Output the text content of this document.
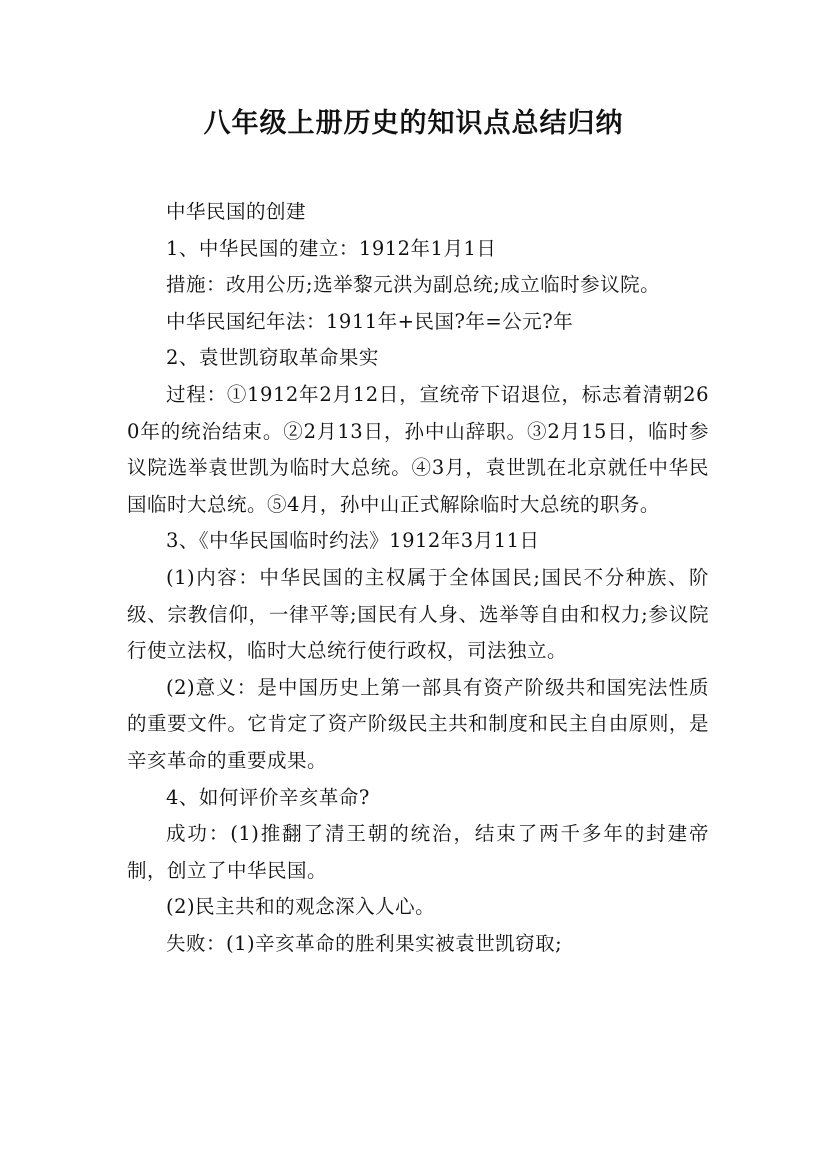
八年级上册历史的知识点总结归纳

中华民国的创建

1、中华民国的建立：1912年1月1日

措施：改用公历;选举黎元洪为副总统;成立临时参议院。

中华民国纪年法：1911年+民国?年=公元?年

2、袁世凯窃取革命果实

过程：①1912年2月12日，宣统帝下诏退位，标志着清朝260年的统治结束。②2月13日，孙中山辞职。③2月15日，临时参议院选举袁世凯为临时大总统。④3月，袁世凯在北京就任中华民国临时大总统。⑤4月，孙中山正式解除临时大总统的职务。

3、《中华民国临时约法》1912年3月11日

(1)内容：中华民国的主权属于全体国民;国民不分种族、阶级、宗教信仰，一律平等;国民有人身、选举等自由和权力;参议院行使立法权，临时大总统行使行政权，司法独立。

(2)意义：是中国历史上第一部具有资产阶级共和国宪法性质的重要文件。它肯定了资产阶级民主共和制度和民主自由原则，是辛亥革命的重要成果。

4、如何评价辛亥革命?

成功：(1)推翻了清王朝的统治，结束了两千多年的封建帝制，创立了中华民国。

(2)民主共和的观念深入人心。

失败：(1)辛亥革命的胜利果实被袁世凯窃取;
